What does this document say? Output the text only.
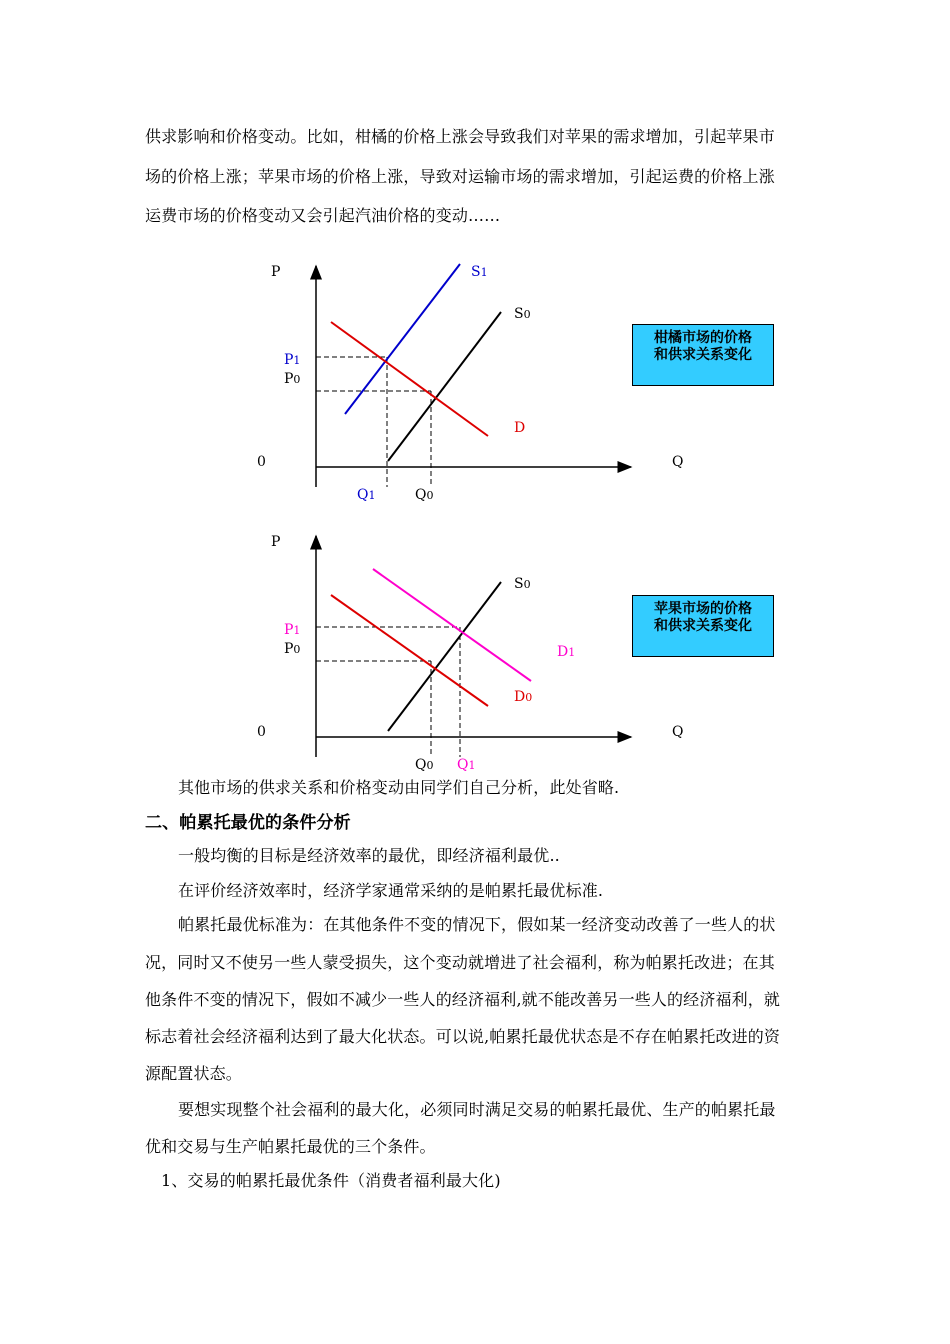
供求影响和价格变动。比如，柑橘的价格上涨会导致我们对苹果的需求增加，引起苹果市
场的价格上涨；苹果市场的价格上涨，导致对运输市场的需求增加，引起运费的价格上涨
运费市场的价格变动又会引起汽油价格的变动……
P
Q
0
S1
S0
D
P1
P0
Q1	Q0
柑橘市场的价格
和供求关系变化
P
Q
0
S0
D1
D0
P1
P0
Q0 Q1
苹果市场的价格
和供求关系变化
其他市场的供求关系和价格变动由同学们自己分析，此处省略.
二、帕累托最优的条件分析
一般均衡的目标是经济效率的最优，即经济福利最优..
在评价经济效率时，经济学家通常采纳的是帕累托最优标准.
帕累托最优标准为：在其他条件不变的情况下，假如某一经济变动改善了一些人的状
况，同时又不使另一些人蒙受损失，这个变动就增进了社会福利，称为帕累托改进；在其
他条件不变的情况下，假如不减少一些人的经济福利,就不能改善另一些人的经济福利，就
标志着社会经济福利达到了最大化状态。可以说,帕累托最优状态是不存在帕累托改进的资
源配置状态。
要想实现整个社会福利的最大化，必须同时满足交易的帕累托最优、生产的帕累托最
优和交易与生产帕累托最优的三个条件。
1、交易的帕累托最优条件（消费者福利最大化)
